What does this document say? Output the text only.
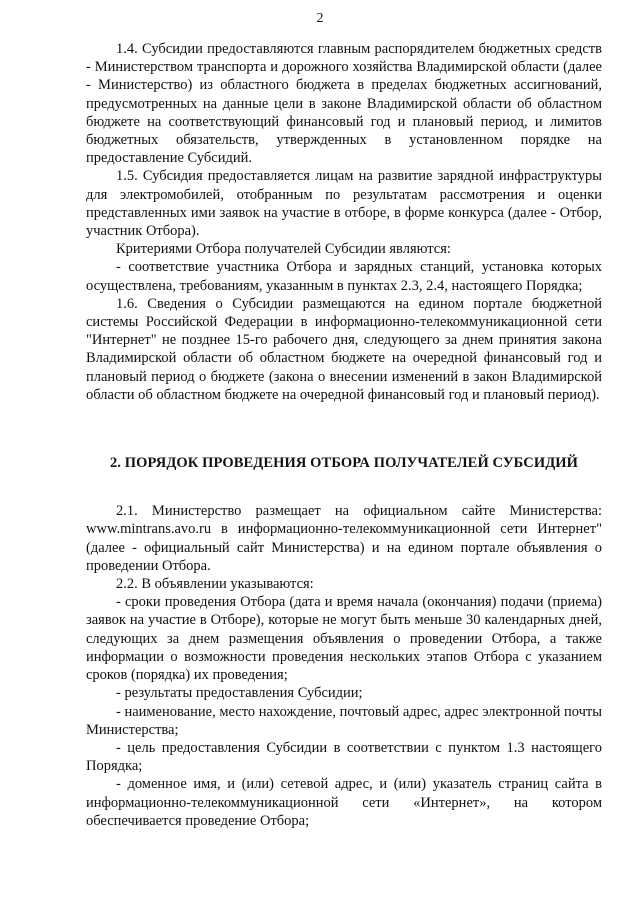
2

1.4. Субсидии предоставляются главным распорядителем бюджетных средств - Министерством транспорта и дорожного хозяйства Владимирской области (далее - Министерство) из областного бюджета в пределах бюджетных ассигнований, предусмотренных на данные цели в законе Владимирской области об областном бюджете на соответствующий финансовый год и плановый период, и лимитов бюджетных обязательств, утвержденных в установленном порядке на предоставление Субсидий.

1.5. Субсидия предоставляется лицам на развитие зарядной инфраструктуры для электромобилей, отобранным по результатам рассмотрения и оценки представленных ими заявок на участие в отборе, в форме конкурса (далее - Отбор, участник Отбора).

Критериями Отбора получателей Субсидии являются:

- соответствие участника Отбора и зарядных станций, установка которых осуществлена, требованиям, указанным в пунктах 2.3, 2.4, настоящего Порядка;

1.6. Сведения о Субсидии размещаются на едином портале бюджетной системы Российской Федерации в информационно-телекоммуникационной сети "Интернет" не позднее 15-го рабочего дня, следующего за днем принятия закона Владимирской области об областном бюджете на очередной финансовый год и плановый период о бюджете (закона о внесении изменений в закон Владимирской области об областном бюджете на очередной финансовый год и плановый период).

2. ПОРЯДОК ПРОВЕДЕНИЯ ОТБОРА ПОЛУЧАТЕЛЕЙ СУБСИДИЙ

2.1. Министерство размещает на официальном сайте Министерства: www.mintrans.avo.ru в информационно-телекоммуникационной сети Интернет" (далее - официальный сайт Министерства) и на едином портале объявления о проведении Отбора.

2.2. В объявлении указываются:

- сроки проведения Отбора (дата и время начала (окончания) подачи (приема) заявок на участие в Отборе), которые не могут быть меньше 30 календарных дней, следующих за днем размещения объявления о проведении Отбора, а также информации о возможности проведения нескольких этапов Отбора с указанием сроков (порядка) их проведения;

- результаты предоставления Субсидии;

- наименование, место нахождение, почтовый адрес, адрес электронной почты Министерства;

- цель предоставления Субсидии в соответствии с пунктом 1.3 настоящего Порядка;

- доменное имя, и (или) сетевой адрес, и (или) указатель страниц сайта в информационно-телекоммуникационной сети «Интернет», на котором обеспечивается проведение Отбора;
